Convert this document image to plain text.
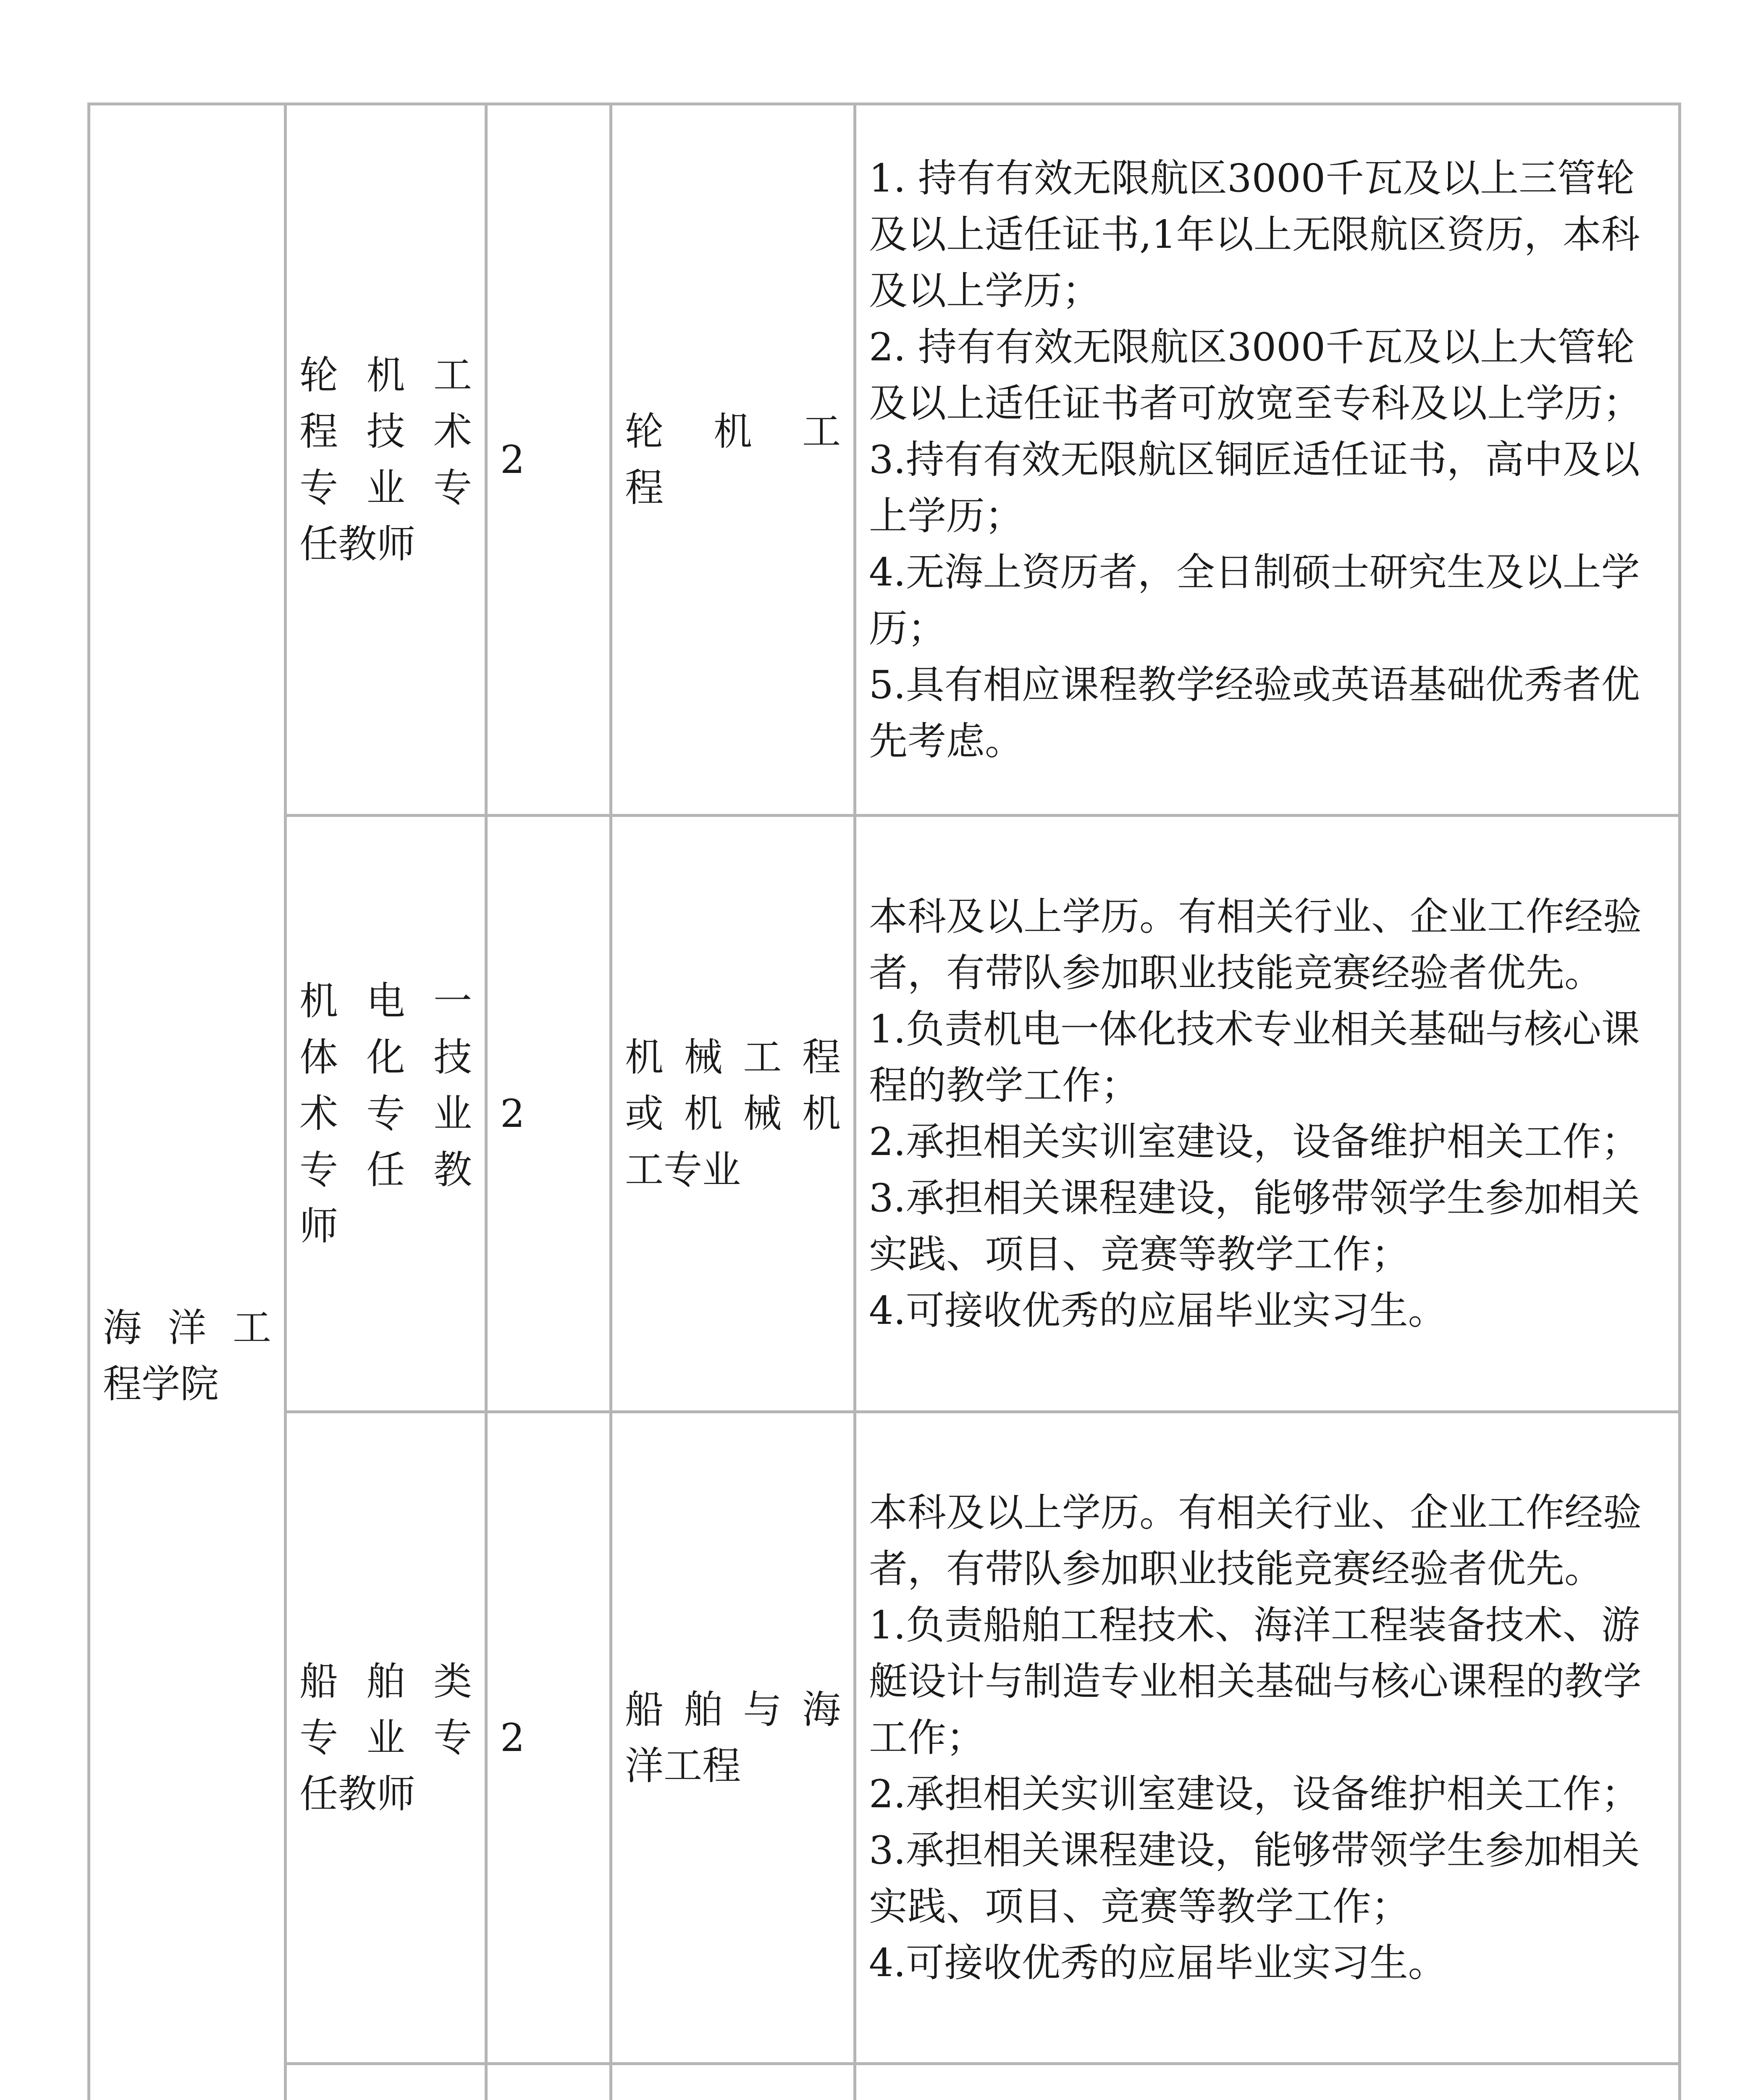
海 洋 工
程学院	轮 机 工
程 技 术
专 业 专
任教师	2	轮 机 工
程	1. 持有有效无限航区3000千瓦及以上三管轮及以上适任证书,1年以上无限航区资历，本科及以上学历；
2. 持有有效无限航区3000千瓦及以上大管轮及以上适任证书者可放宽至专科及以上学历；
3.持有有效无限航区铜匠适任证书，高中及以上学历；
4.无海上资历者，全日制硕士研究生及以上学历；
5.具有相应课程教学经验或英语基础优秀者优先考虑。

	机 电 一
体 化 技
术 专 业
专 任 教
师	2	机 械 工 程
或 机 械 机
工专业	本科及以上学历。有相关行业、企业工作经验者，有带队参加职业技能竞赛经验者优先。
1.负责机电一体化技术专业相关基础与核心课程的教学工作；
2.承担相关实训室建设，设备维护相关工作；
3.承担相关课程建设，能够带领学生参加相关实践、项目、竞赛等教学工作；
4.可接收优秀的应届毕业实习生。

	船 舶 类
专 业 专
任教师	2	船 舶 与 海
洋工程	本科及以上学历。有相关行业、企业工作经验者，有带队参加职业技能竞赛经验者优先。
1.负责船舶工程技术、海洋工程装备技术、游艇设计与制造专业相关基础与核心课程的教学工作；
2.承担相关实训室建设，设备维护相关工作；
3.承担相关课程建设，能够带领学生参加相关实践、项目、竞赛等教学工作；
4.可接收优秀的应届毕业实习生。
